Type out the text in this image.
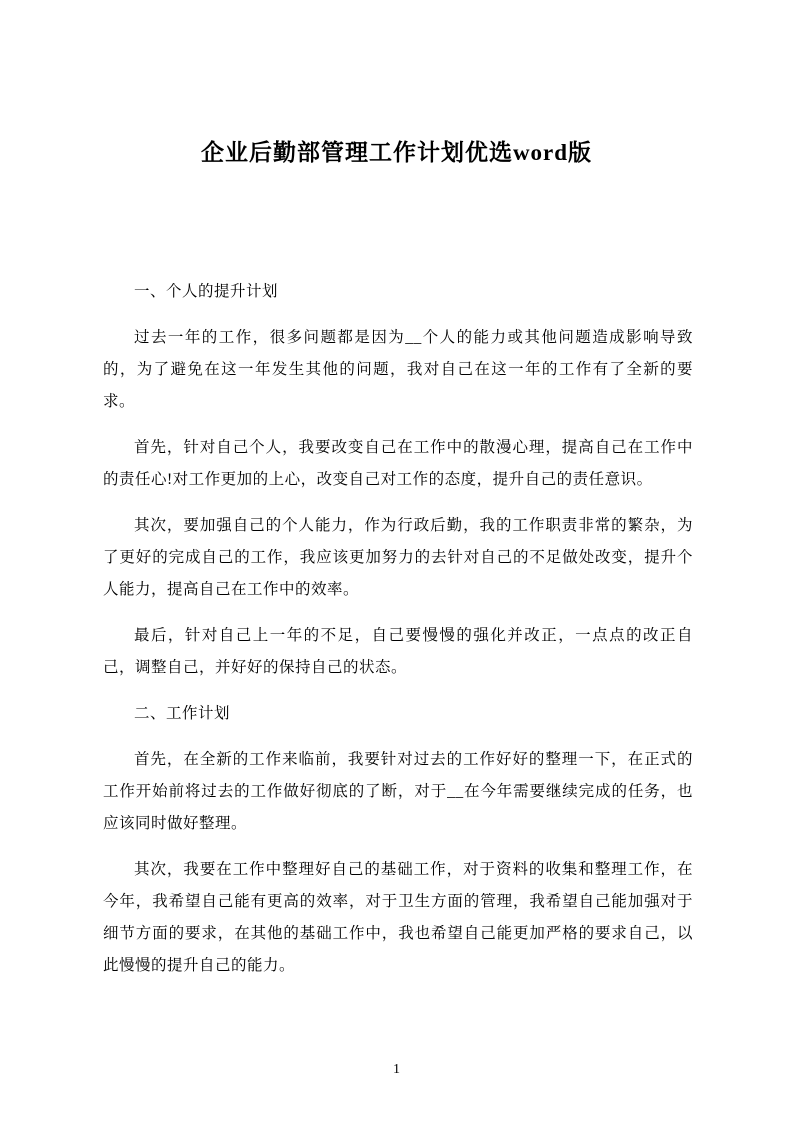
企业后勤部管理工作计划优选word版

一、个人的提升计划

过去一年的工作，很多问题都是因为__个人的能力或其他问题造成影响导致的，为了避免在这一年发生其他的问题，我对自己在这一年的工作有了全新的要求。

首先，针对自己个人，我要改变自己在工作中的散漫心理，提高自己在工作中的责任心!对工作更加的上心，改变自己对工作的态度，提升自己的责任意识。

其次，要加强自己的个人能力，作为行政后勤，我的工作职责非常的繁杂，为了更好的完成自己的工作，我应该更加努力的去针对自己的不足做处改变，提升个人能力，提高自己在工作中的效率。

最后，针对自己上一年的不足，自己要慢慢的强化并改正，一点点的改正自己，调整自己，并好好的保持自己的状态。

二、工作计划

首先，在全新的工作来临前，我要针对过去的工作好好的整理一下，在正式的工作开始前将过去的工作做好彻底的了断，对于__在今年需要继续完成的任务，也应该同时做好整理。

其次，我要在工作中整理好自己的基础工作，对于资料的收集和整理工作，在今年，我希望自己能有更高的效率，对于卫生方面的管理，我希望自己能加强对于细节方面的要求，在其他的基础工作中，我也希望自己能更加严格的要求自己，以此慢慢的提升自己的能力。

1
